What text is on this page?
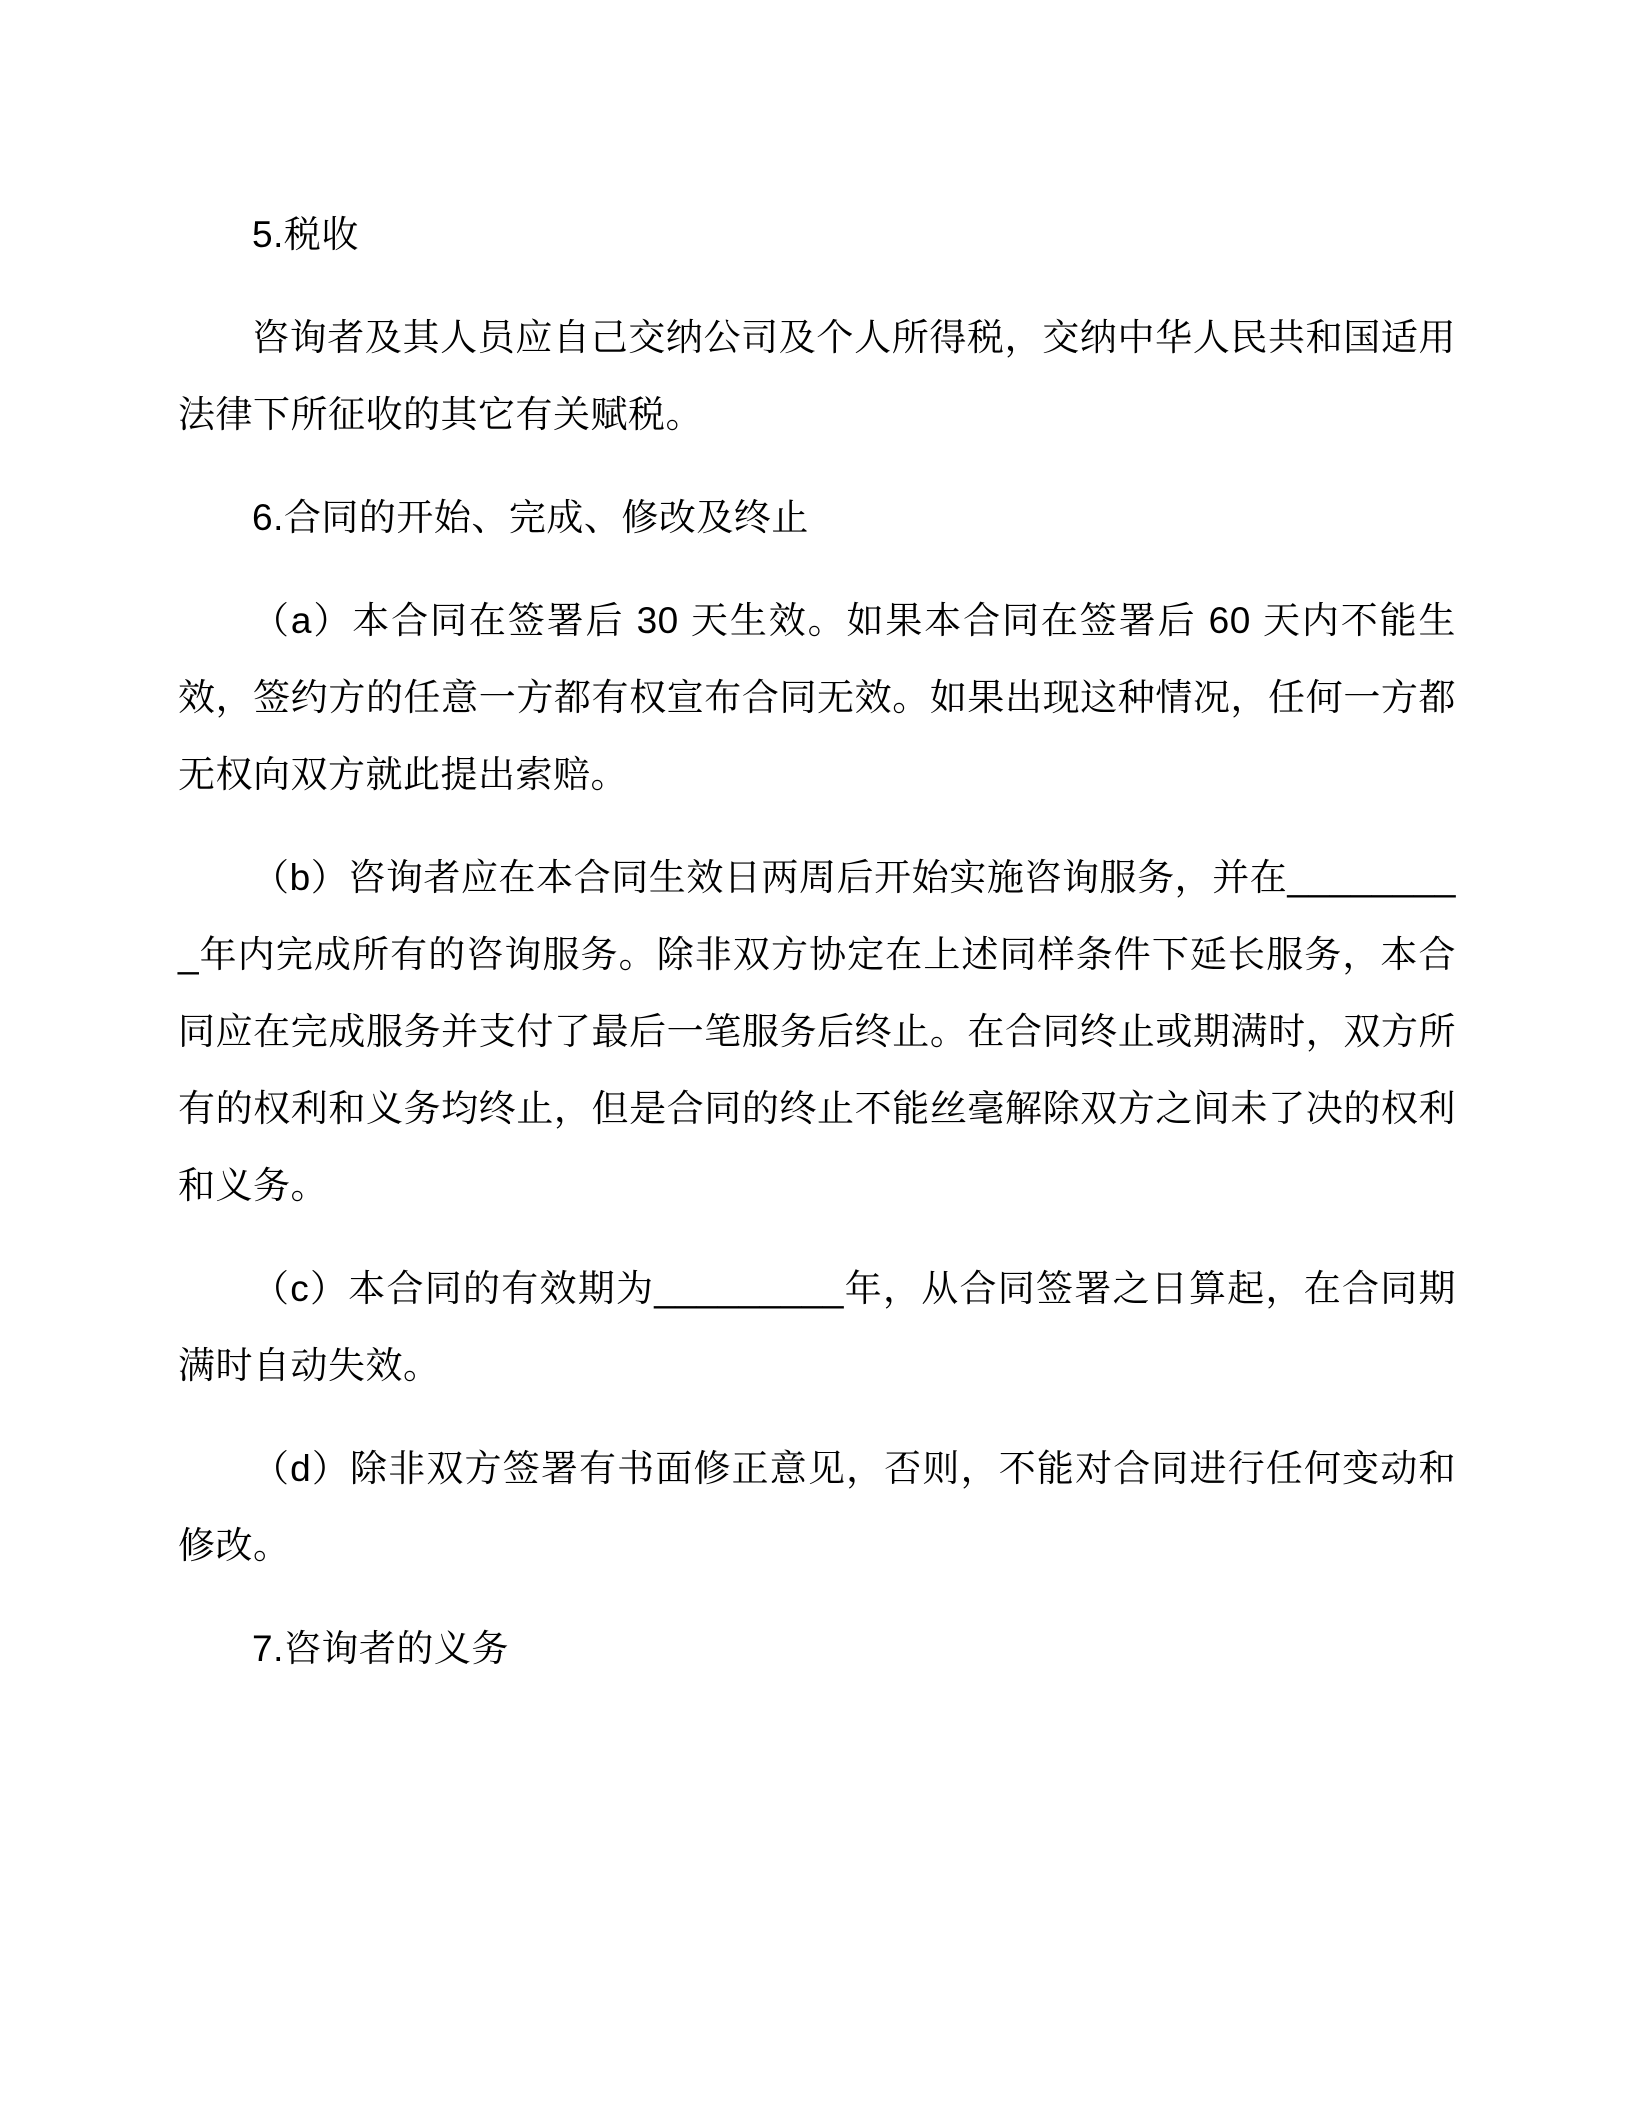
5.税收

咨询者及其人员应自己交纳公司及个人所得税，交纳中华人民共和国适用法律下所征收的其它有关赋税。

6.合同的开始、完成、修改及终止

（a）本合同在签署后 30 天生效。如果本合同在签署后 60 天内不能生效，签约方的任意一方都有权宣布合同无效。如果出现这种情况，任何一方都无权向双方就此提出索赔。

（b）咨询者应在本合同生效日两周后开始实施咨询服务，并在_________年内完成所有的咨询服务。除非双方协定在上述同样条件下延长服务，本合同应在完成服务并支付了最后一笔服务后终止。在合同终止或期满时，双方所有的权利和义务均终止，但是合同的终止不能丝毫解除双方之间未了决的权利和义务。

（c）本合同的有效期为_________年，从合同签署之日算起，在合同期满时自动失效。

（d）除非双方签署有书面修正意见，否则，不能对合同进行任何变动和修改。

7.咨询者的义务
